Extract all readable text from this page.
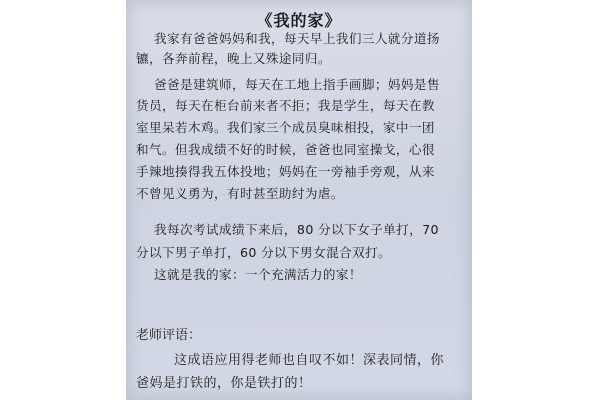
《我的家》
我家有爸爸妈妈和我，每天早上我们三人就分道扬
镳，各奔前程，晚上又殊途同归。
爸爸是建筑师，每天在工地上指手画脚；妈妈是售
货员，每天在柜台前来者不拒；我是学生，每天在教
室里呆若木鸡。我们家三个成员臭味相投，家中一团
和气。但我成绩不好的时候，爸爸也同室操戈，心很
手辣地揍得我五体投地；妈妈在一旁袖手旁观，从来
不曾见义勇为，有时甚至助纣为虐。
我每次考试成绩下来后，80 分以下女子单打，70
分以下男子单打，60 分以下男女混合双打。
这就是我的家：一个充满活力的家！
老师评语：
这成语应用得老师也自叹不如！深表同情，你
爸妈是打铁的，你是铁打的！
